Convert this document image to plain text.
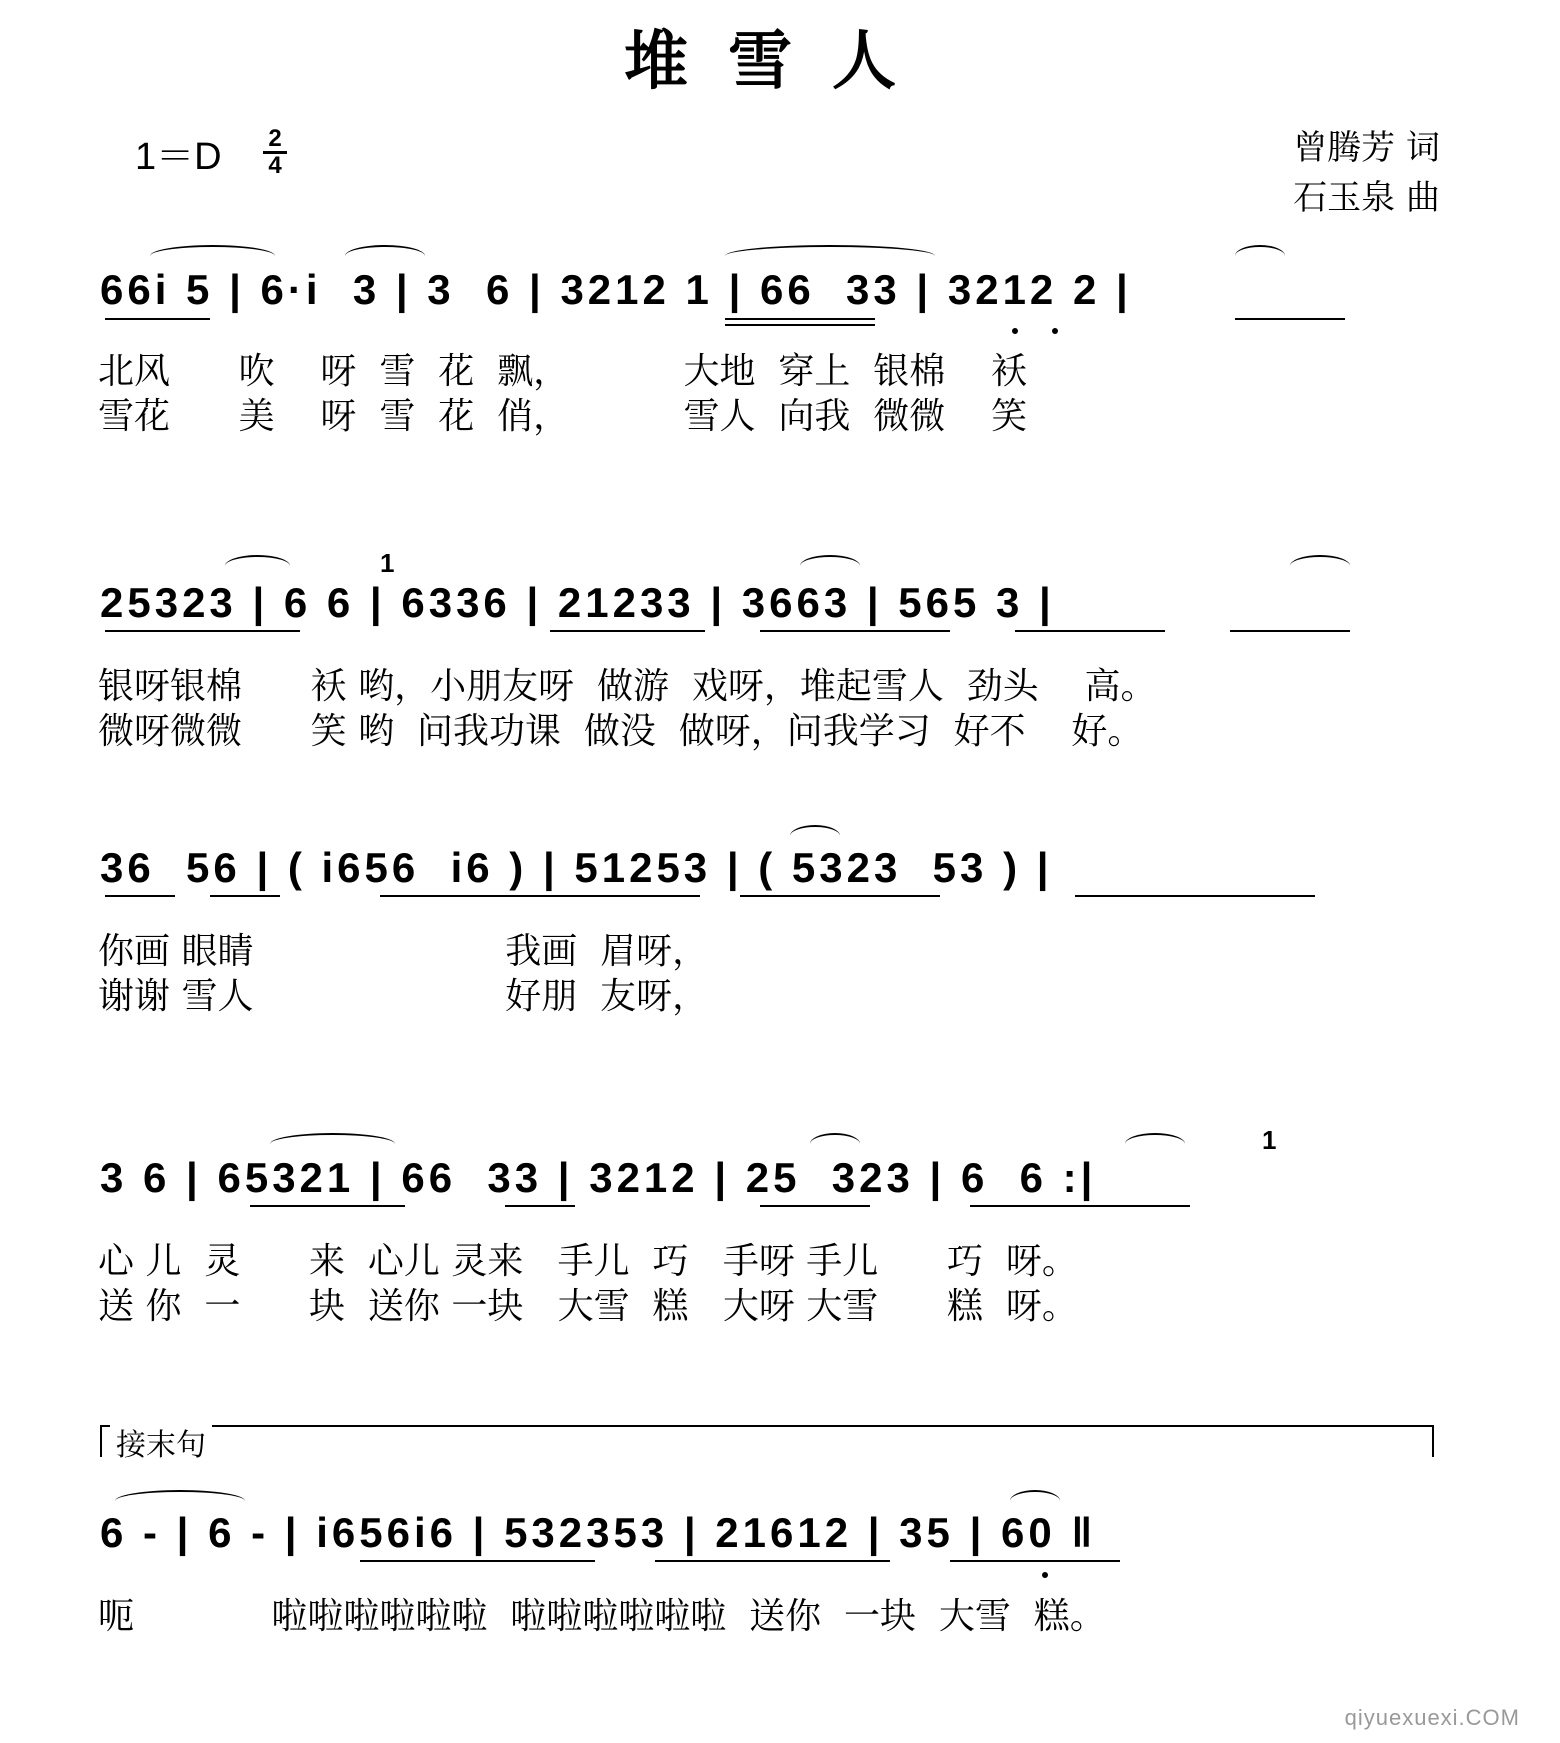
堆雪人
1＝D 2
4	曾腾芳 词
石玉泉 曲
66i 5 | 6·i  3 | 3  6 | 3212 1 | 66  33 | 3212 2 |
北风      吹    呀  雪  花  飘，          大地  穿上  银棉    袄
雪花      美    呀  雪  花  俏，          雪人  向我  微微    笑
25323 | 6 6 | 6336 | 21233 | 3663 | 565 3 |
银呀银棉      袄 哟，小朋友呀  做游  戏呀，堆起雪人  劲头    高。
微呀微微      笑 哟  问我功课  做没  做呀，问我学习  好不    好。
1
36  56 | ( i656  i6 ) | 51253 | ( 5323  53 ) |
你画 眼睛                      我画  眉呀，
谢谢 雪人                      好朋  友呀，
3 6 | 65321 | 66  33 | 3212 | 25  323 | 6  6 :|
心 儿  灵      来  心儿 灵来   手儿  巧   手呀 手儿      巧  呀。
送 你  一      块  送你 一块   大雪  糕   大呀 大雪      糕  呀。
1
接末句
6 - | 6 - | i656i6 | 532353 | 21612 | 35 | 60 ‖
呃            啦啦啦啦啦啦  啦啦啦啦啦啦  送你  一块  大雪  糕。
qiyuexuexi.COM
